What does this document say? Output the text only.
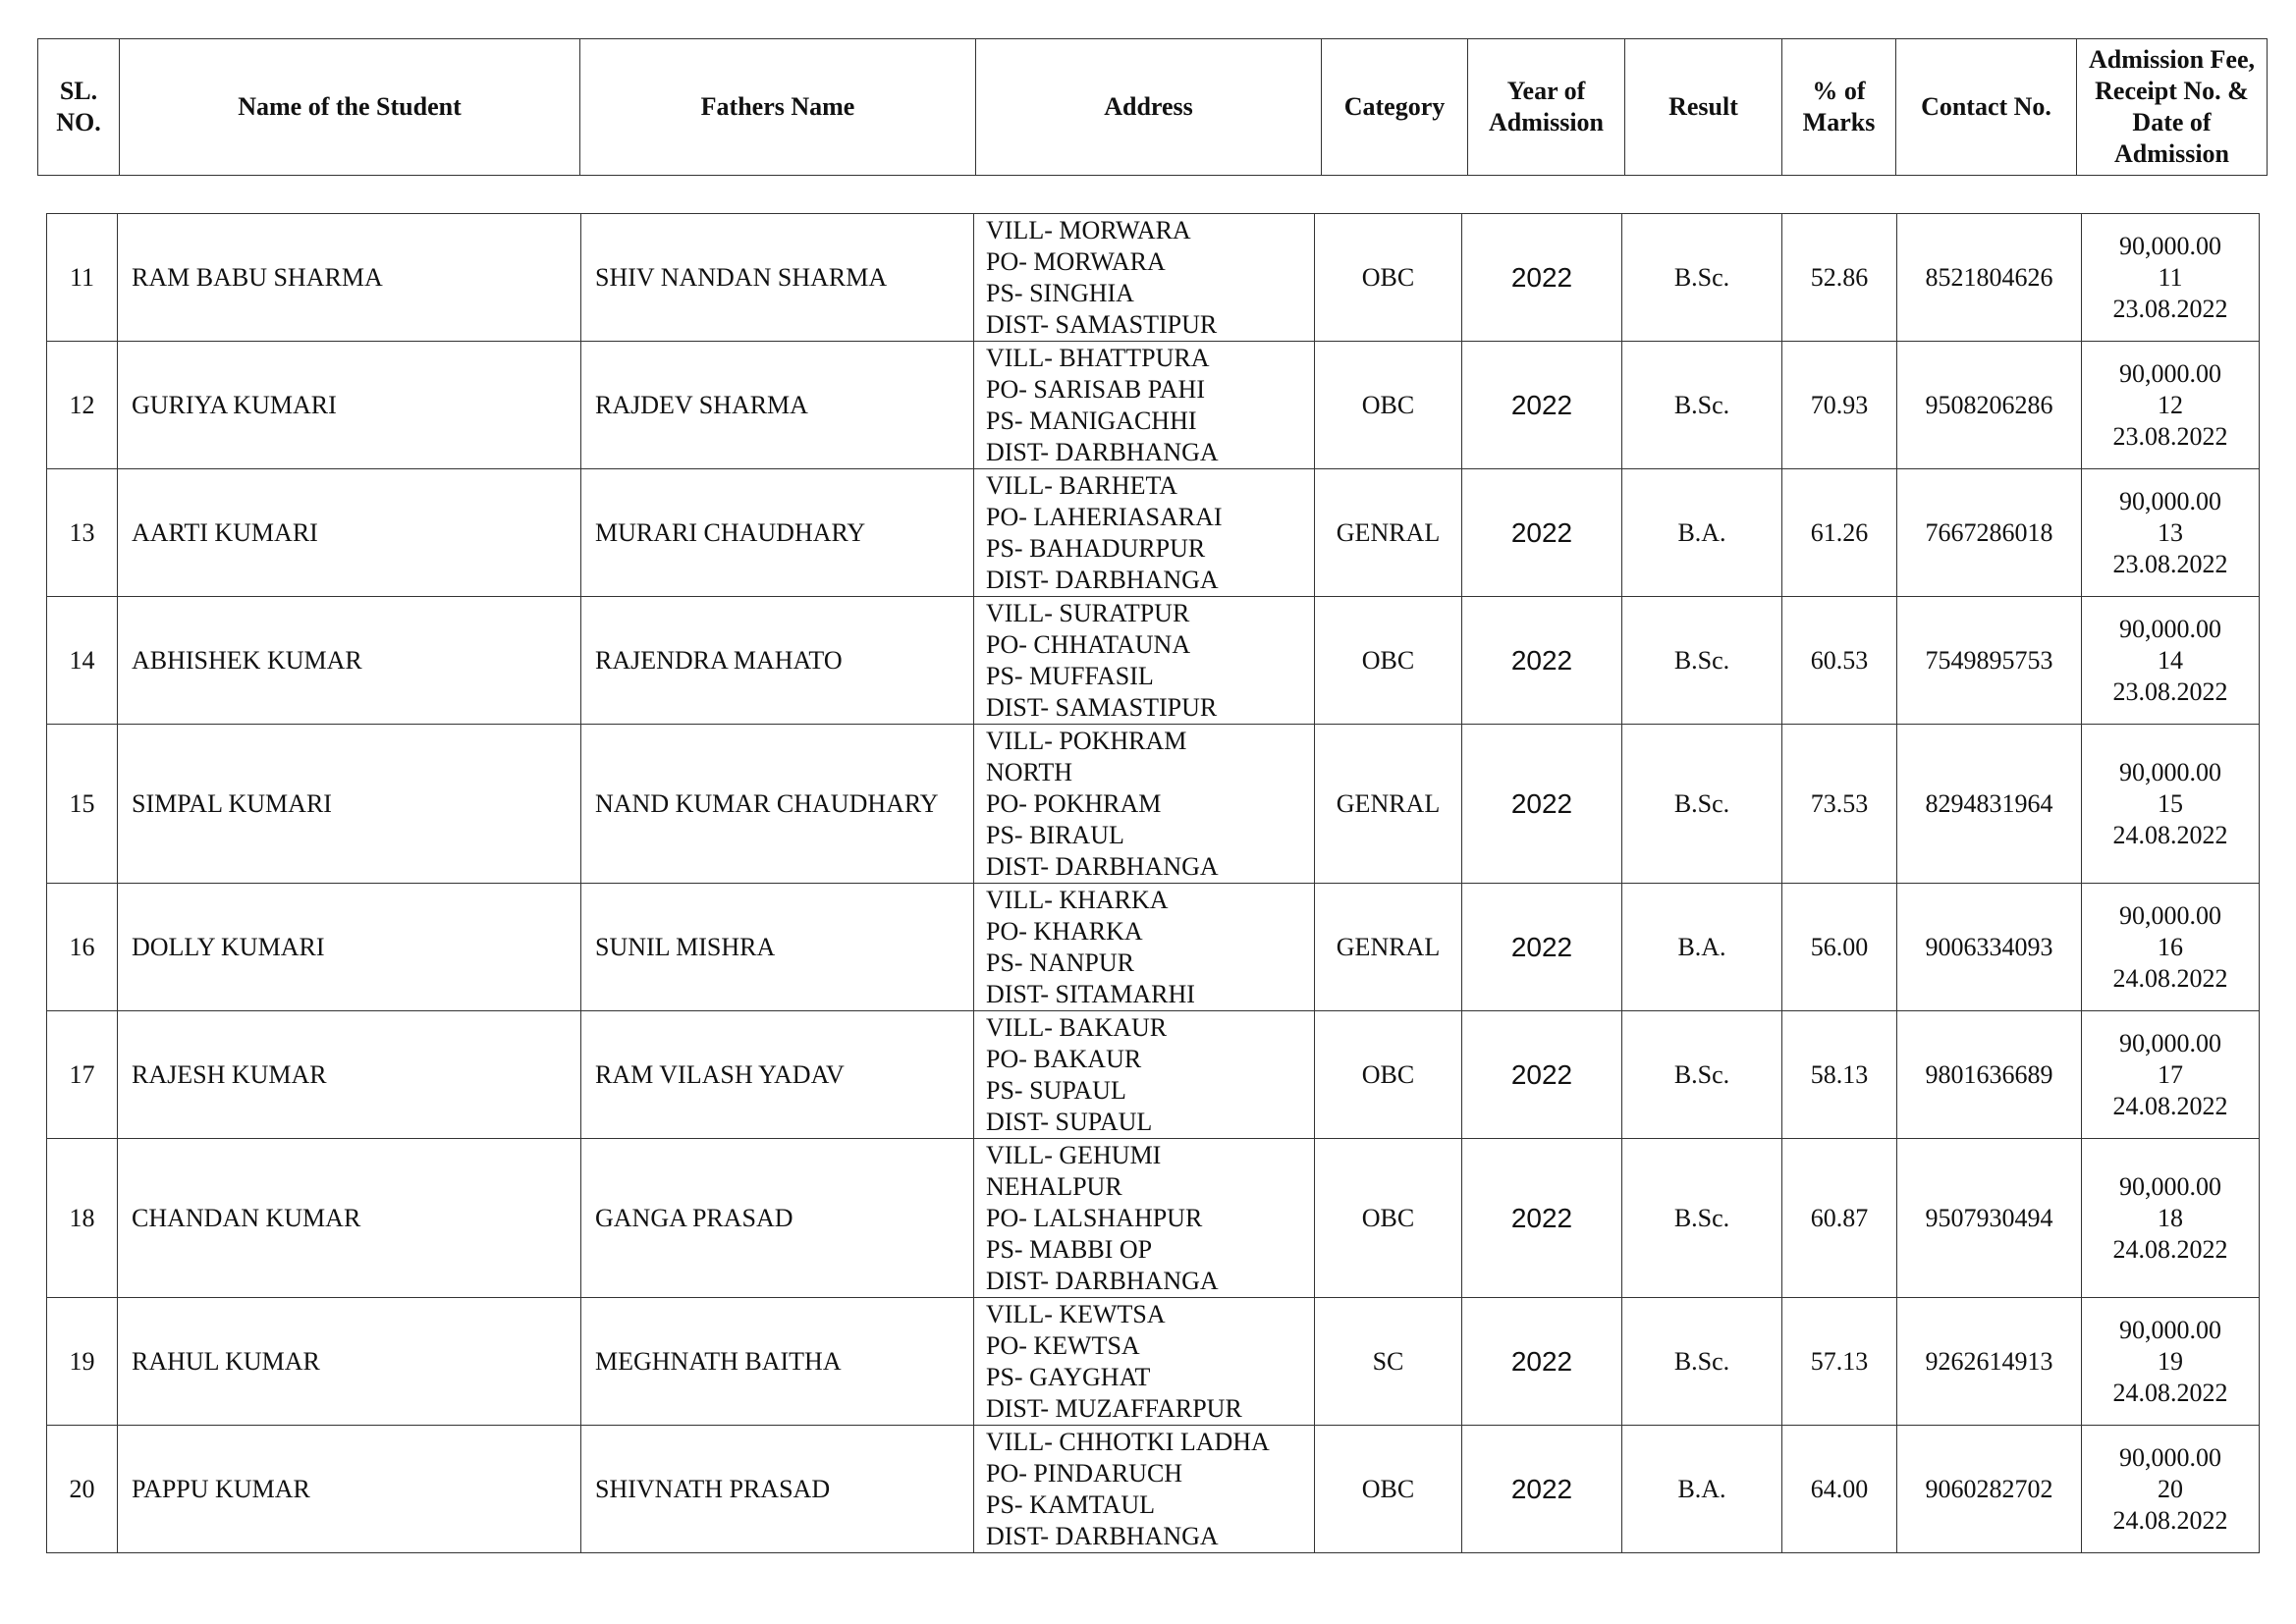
SL. NO.	Name of the Student	Fathers Name	Address	Category	Year of Admission	Result	% of Marks	Contact No.	Admission Fee, Receipt No. & Date of Admission
11	RAM BABU SHARMA	SHIV NANDAN SHARMA	VILL- MORWARA
PO- MORWARA
PS- SINGHIA
DIST- SAMASTIPUR	OBC	2022	B.Sc.	52.86	8521804626	90,000.00
11
23.08.2022

12	GURIYA KUMARI	RAJDEV SHARMA	VILL- BHATTPURA
PO- SARISAB PAHI
PS- MANIGACHHI
DIST- DARBHANGA	OBC	2022	B.Sc.	70.93	9508206286	90,000.00
12
23.08.2022

13	AARTI KUMARI	MURARI CHAUDHARY	VILL- BARHETA
PO- LAHERIASARAI
PS- BAHADURPUR
DIST- DARBHANGA	GENRAL	2022	B.A.	61.26	7667286018	90,000.00
13
23.08.2022

14	ABHISHEK KUMAR	RAJENDRA MAHATO	VILL- SURATPUR
PO- CHHATAUNA
PS- MUFFASIL
DIST- SAMASTIPUR	OBC	2022	B.Sc.	60.53	7549895753	90,000.00
14
23.08.2022

15	SIMPAL KUMARI	NAND KUMAR CHAUDHARY	VILL- POKHRAM
NORTH
PO- POKHRAM
PS- BIRAUL
DIST- DARBHANGA	GENRAL	2022	B.Sc.	73.53	8294831964	90,000.00
15
24.08.2022

16	DOLLY KUMARI	SUNIL MISHRA	VILL- KHARKA
PO- KHARKA
PS- NANPUR
DIST- SITAMARHI	GENRAL	2022	B.A.	56.00	9006334093	90,000.00
16
24.08.2022

17	RAJESH KUMAR	RAM VILASH YADAV	VILL- BAKAUR
PO- BAKAUR
PS- SUPAUL
DIST- SUPAUL	OBC	2022	B.Sc.	58.13	9801636689	90,000.00
17
24.08.2022

18	CHANDAN KUMAR	GANGA PRASAD	VILL- GEHUMI
NEHALPUR
PO- LALSHAHPUR
PS- MABBI OP
DIST- DARBHANGA	OBC	2022	B.Sc.	60.87	9507930494	90,000.00
18
24.08.2022

19	RAHUL KUMAR	MEGHNATH BAITHA	VILL- KEWTSA
PO- KEWTSA
PS- GAYGHAT
DIST- MUZAFFARPUR	SC	2022	B.Sc.	57.13	9262614913	90,000.00
19
24.08.2022

20	PAPPU KUMAR	SHIVNATH PRASAD	VILL- CHHOTKI LADHA
PO- PINDARUCH
PS- KAMTAUL
DIST- DARBHANGA	OBC	2022	B.A.	64.00	9060282702	90,000.00
20
24.08.2022
